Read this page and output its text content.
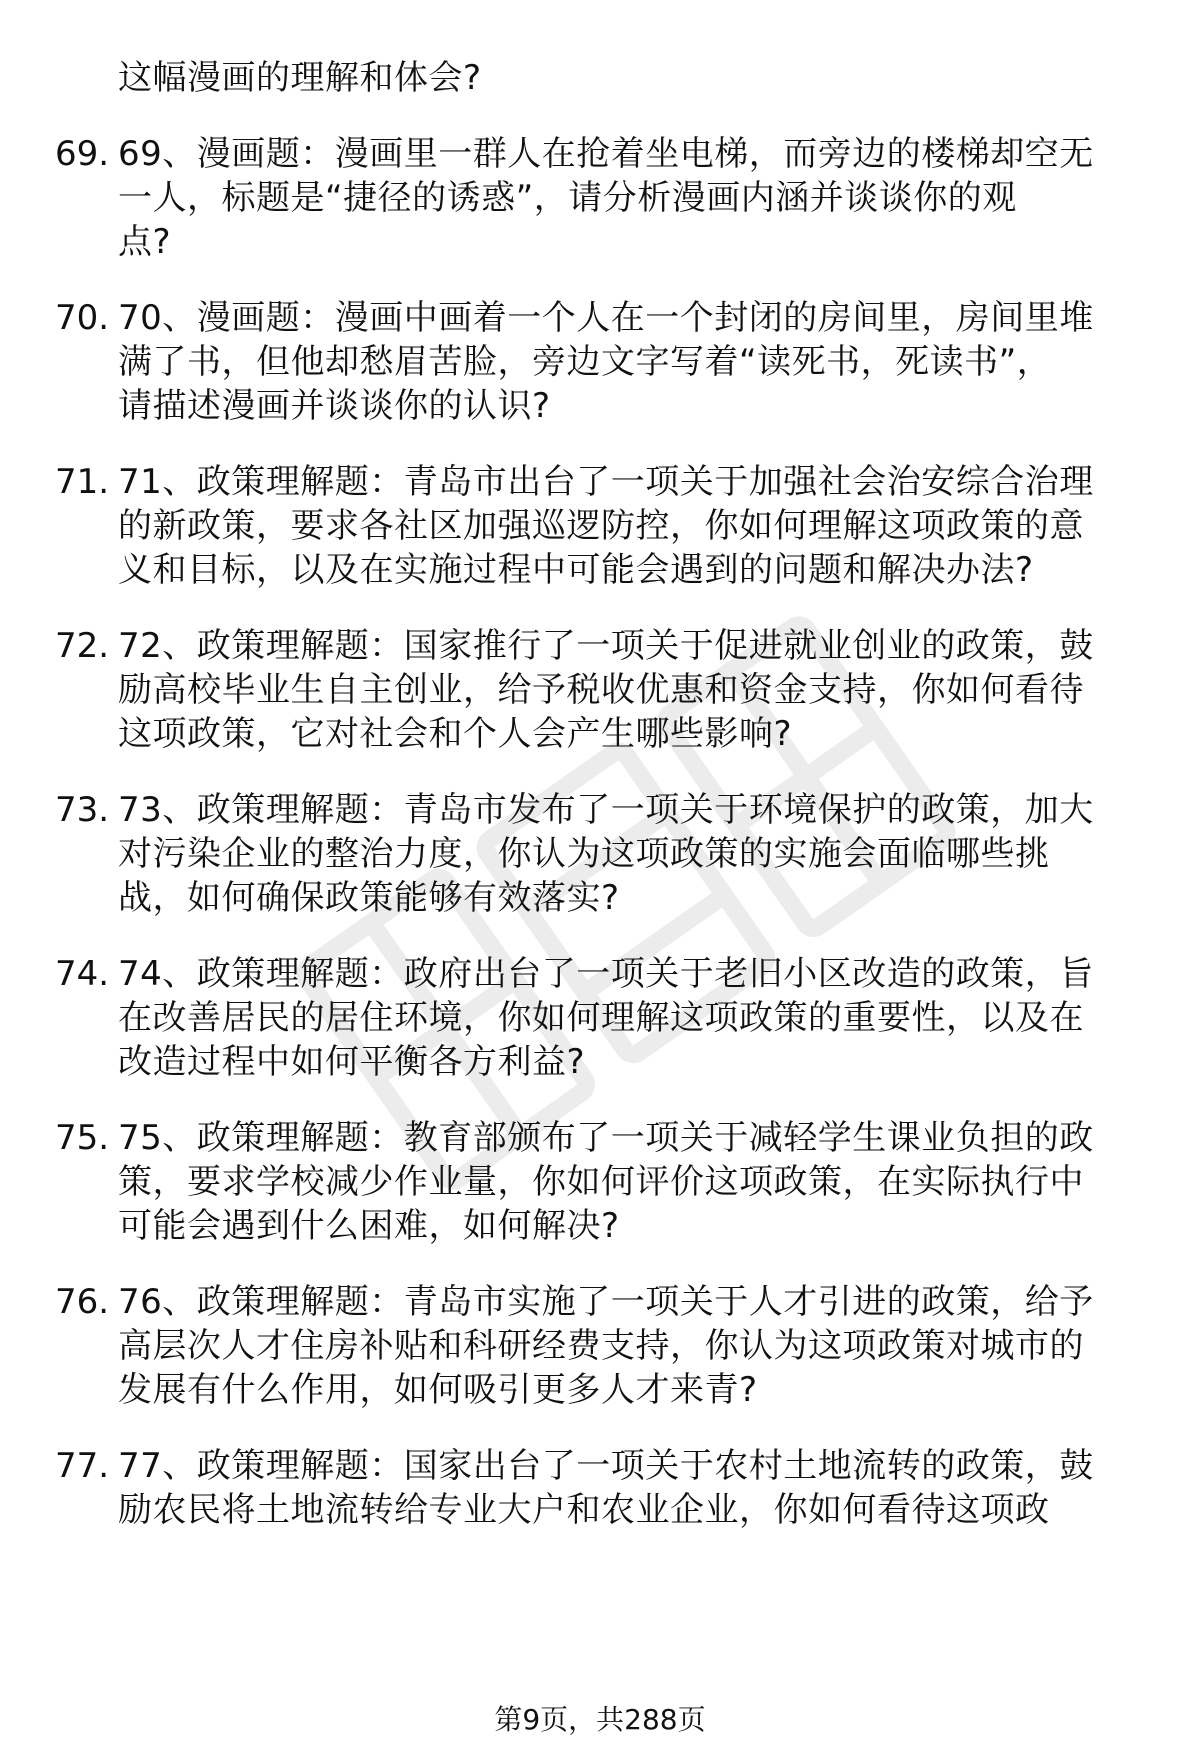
这幅漫画的理解和体会?
69. 69、漫画题：漫画里一群人在抢着坐电梯，而旁边的楼梯却空无
一人，标题是“捷径的诱惑”，请分析漫画内涵并谈谈你的观
点?
70. 70、漫画题：漫画中画着一个人在一个封闭的房间里，房间里堆
满了书，但他却愁眉苦脸，旁边文字写着“读死书，死读书”，
请描述漫画并谈谈你的认识?
71. 71、政策理解题：青岛市出台了一项关于加强社会治安综合治理
的新政策，要求各社区加强巡逻防控，你如何理解这项政策的意
义和目标，以及在实施过程中可能会遇到的问题和解决办法?
72. 72、政策理解题：国家推行了一项关于促进就业创业的政策，鼓
励高校毕业生自主创业，给予税收优惠和资金支持，你如何看待
这项政策，它对社会和个人会产生哪些影响?
73. 73、政策理解题：青岛市发布了一项关于环境保护的政策，加大
对污染企业的整治力度，你认为这项政策的实施会面临哪些挑
战，如何确保政策能够有效落实?
74. 74、政策理解题：政府出台了一项关于老旧小区改造的政策，旨
在改善居民的居住环境，你如何理解这项政策的重要性，以及在
改造过程中如何平衡各方利益?
75. 75、政策理解题：教育部颁布了一项关于减轻学生课业负担的政
策，要求学校减少作业量，你如何评价这项政策，在实际执行中
可能会遇到什么困难，如何解决?
76. 76、政策理解题：青岛市实施了一项关于人才引进的政策，给予
高层次人才住房补贴和科研经费支持，你认为这项政策对城市的
发展有什么作用，如何吸引更多人才来青?
77. 77、政策理解题：国家出台了一项关于农村土地流转的政策，鼓
励农民将土地流转给专业大户和农业企业，你如何看待这项政
第9页，共288页
